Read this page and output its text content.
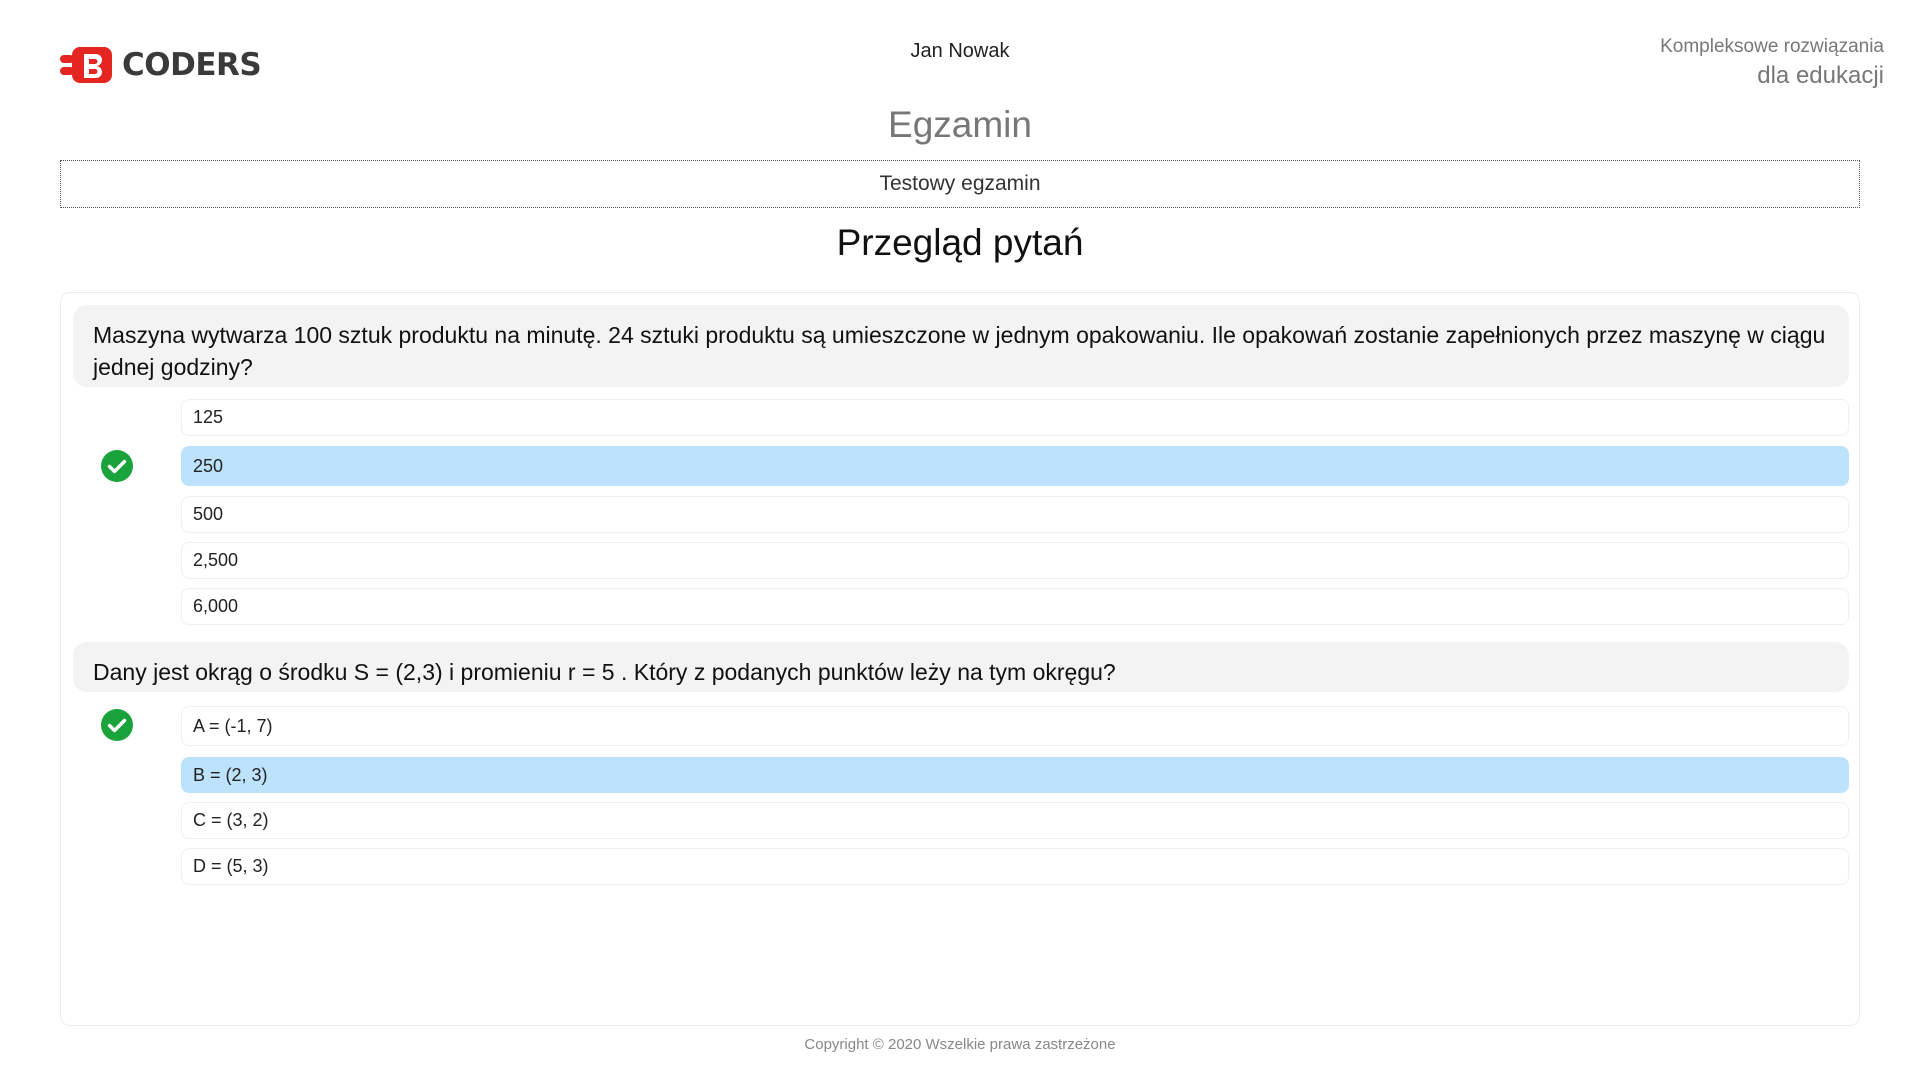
CODERS	Jan Nowak	Kompleksowe rozwiązania
dla edukacji
Egzamin
Testowy egzamin
Przegląd pytań
Maszyna wytwarza 100 sztuk produktu na minutę. 24 sztuki produktu są umieszczone w jednym opakowaniu. Ile opakowań zostanie zapełnionych przez maszynę w ciągu jednej godziny?
125
250
500
2,500
6,000
Dany jest okrąg o środku S = (2,3) i promieniu r = 5 . Który z podanych punktów leży na tym okręgu?
A = (-1, 7)
B = (2, 3)
C = (3, 2)
D = (5, 3)
Copyright © 2020 Wszelkie prawa zastrzeżone
